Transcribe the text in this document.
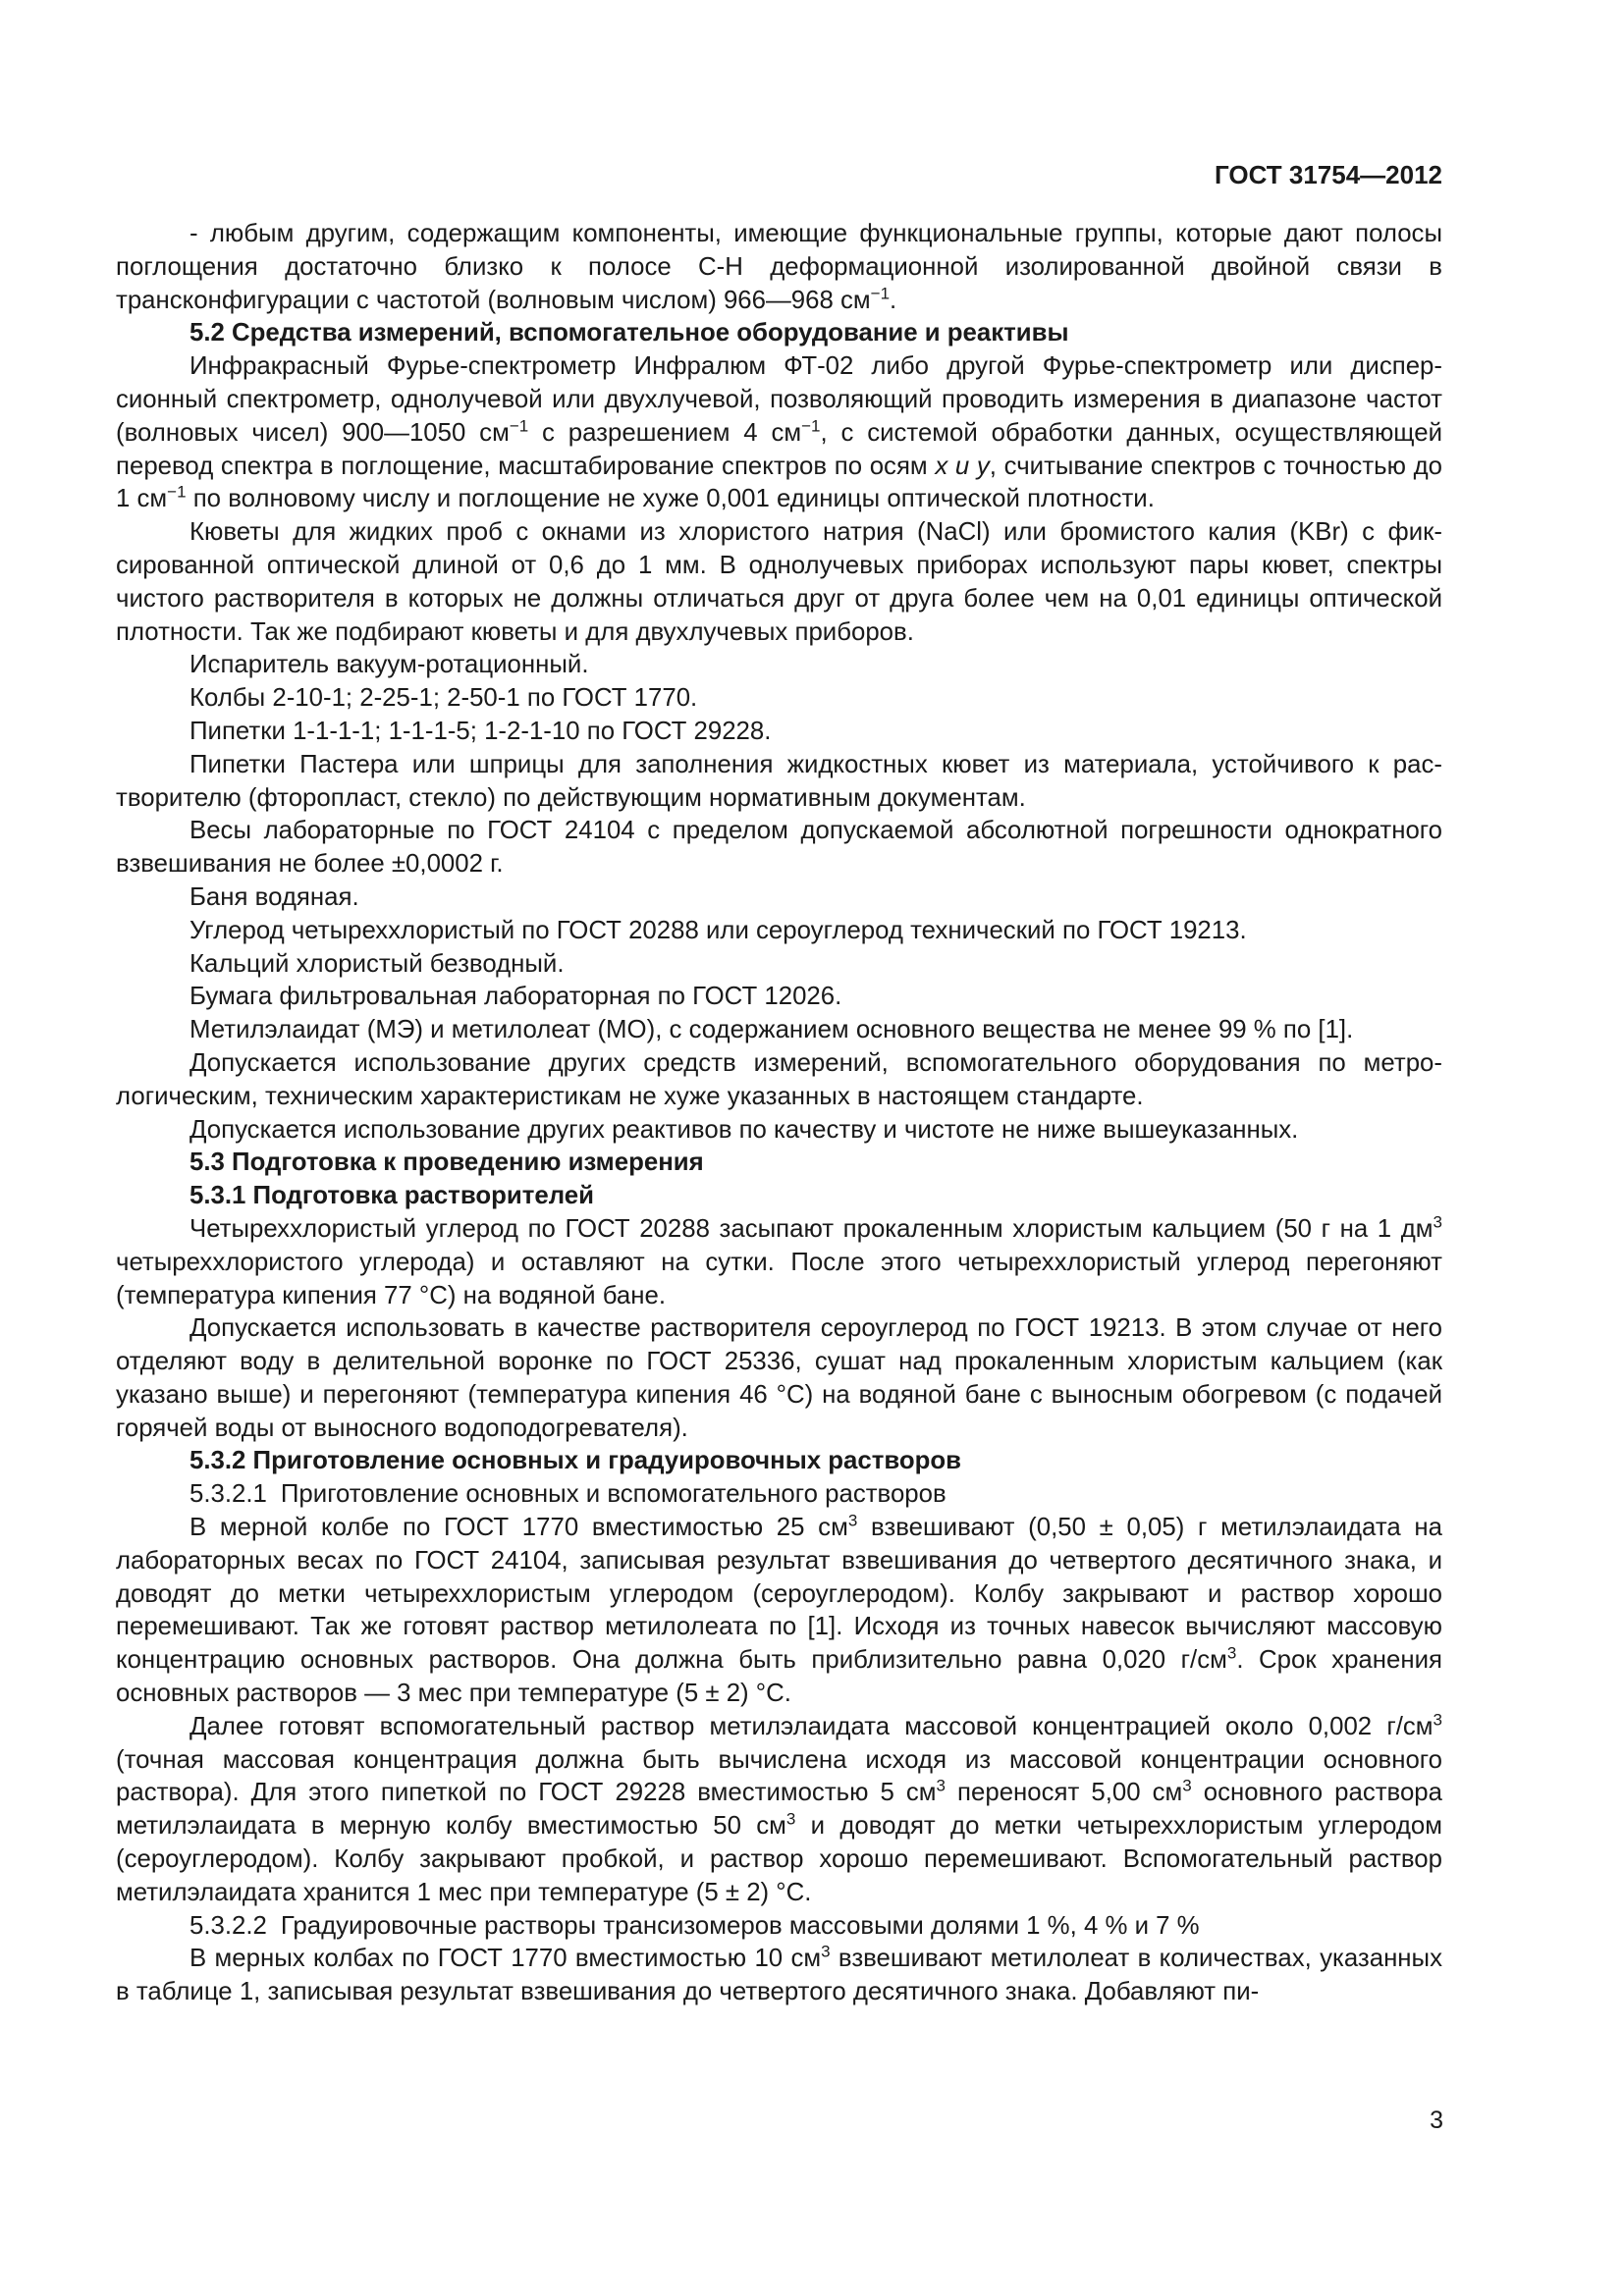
ГОСТ 31754—2012

- любым другим, содержащим компоненты, имеющие функциональные группы, которые дают полосы поглощения достаточно близко к полосе С-Н деформационной изолированной двойной связи в трансконфигурации с частотой (волновым числом) 966—968 $см^{-1}$.

5.2 Средства измерений, вспомогательное оборудование и реактивы

Инфракрасный Фурье-спектрометр Инфралюм ФТ-02 либо другой Фурье-спектрометр или дисперсионный спектрометр, однолучевой или двухлучевой, позволяющий проводить измерения в диапазоне частот (волновых чисел) 900—1050 $см^{-1}$ с разрешением 4 $см^{-1}$, с системой обработки данных, осуществляющей перевод спектра в поглощение, масштабирование спектров по осям x и y, считывание спектров с точностью до 1 $см^{-1}$ по волновому числу и поглощение не хуже 0,001 единицы оптической плотности.

Кюветы для жидких проб с окнами из хлористого натрия (NaCl) или бромистого калия (KBr) с фиксированной оптической длиной от 0,6 до 1 мм. В однолучевых приборах используют пары кювет, спектры чистого растворителя в которых не должны отличаться друг от друга более чем на 0,01 единицы оптической плотности. Так же подбирают кюветы и для двухлучевых приборов.

Испаритель вакуум-ротационный.

Колбы 2-10-1; 2-25-1; 2-50-1 по ГОСТ 1770.

Пипетки 1-1-1-1; 1-1-1-5; 1-2-1-10 по ГОСТ 29228.

Пипетки Пастера или шприцы для заполнения жидкостных кювет из материала, устойчивого к растворителю (фторопласт, стекло) по действующим нормативным документам.

Весы лабораторные по ГОСТ 24104 с пределом допускаемой абсолютной погрешности однократного взвешивания не более ±0,0002 г.

Баня водяная.

Углерод четыреххлористый по ГОСТ 20288 или сероуглерод технический по ГОСТ 19213.

Кальций хлористый безводный.

Бумага фильтровальная лабораторная по ГОСТ 12026.

Метилэлаидат (МЭ) и метилолеат (МО), с содержанием основного вещества не менее 99 % по [1].

Допускается использование других средств измерений, вспомогательного оборудования по метрологическим, техническим характеристикам не хуже указанных в настоящем стандарте.

Допускается использование других реактивов по качеству и чистоте не ниже вышеуказанных.

5.3 Подготовка к проведению измерения
5.3.1 Подготовка растворителей

Четыреххлористый углерод по ГОСТ 20288 засыпают прокаленным хлористым кальцием (50 г на 1 $дм^3$ четыреххлористого углерода) и оставляют на сутки. После этого четыреххлористый углерод перегоняют (температура кипения 77 °С) на водяной бане.

Допускается использовать в качестве растворителя сероуглерод по ГОСТ 19213. В этом случае от него отделяют воду в делительной воронке по ГОСТ 25336, сушат над прокаленным хлористым кальцием (как указано выше) и перегоняют (температура кипения 46 °С) на водяной бане с выносным обогревом (с подачей горячей воды от выносного водоподогревателя).

5.3.2 Приготовление основных и градуировочных растворов

5.3.2.1 Приготовление основных и вспомогательного растворов

В мерной колбе по ГОСТ 1770 вместимостью 25 $см^3$ взвешивают (0,50 ± 0,05) г метилэлаидата на лабораторных весах по ГОСТ 24104, записывая результат взвешивания до четвертого десятичного знака, и доводят до метки четыреххлористым углеродом (сероуглеродом). Колбу закрывают и раствор хорошо перемешивают. Так же готовят раствор метилолеата по [1]. Исходя из точных навесок вычисляют массовую концентрацию основных растворов. Она должна быть приблизительно равна 0,020 $г/см^3$. Срок хранения основных растворов — 3 мес при температуре (5 ± 2) °С.

Далее готовят вспомогательный раствор метилэлаидата массовой концентрацией около 0,002 $г/см^3$ (точная массовая концентрация должна быть вычислена исходя из массовой концентрации основного раствора). Для этого пипеткой по ГОСТ 29228 вместимостью 5 $см^3$ переносят 5,00 $см^3$ основного раствора метилэлаидата в мерную колбу вместимостью 50 $см^3$ и доводят до метки четыреххлористым углеродом (сероуглеродом). Колбу закрывают пробкой, и раствор хорошо перемешивают. Вспомогательный раствор метилэлаидата хранится 1 мес при температуре (5 ± 2) °С.

5.3.2.2 Градуировочные растворы трансизомеров массовыми долями 1 %, 4 % и 7 %

В мерных колбах по ГОСТ 1770 вместимостью 10 $см^3$ взвешивают метилолеат в количествах, указанных в таблице 1, записывая результат взвешивания до четвертого десятичного знака. Добавляют пи-

3
